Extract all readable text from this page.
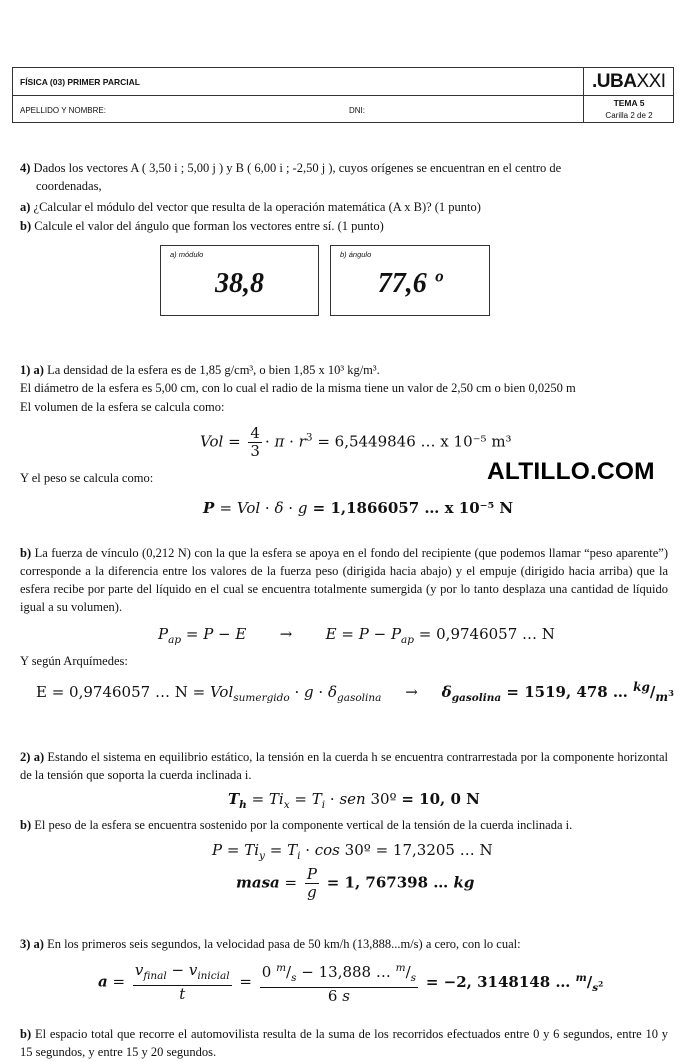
FÍSICA (03) PRIMER PARCIAL	.UBAXXI
APELLIDO Y NOMBRE:	DNI:
TEMA 5
Carilla 2 de 2

4) Dados los vectores A ( 3,50 i ; 5,00 j ) y B ( 6,00 i ; -2,50 j ), cuyos orígenes se encuentran en el centro de

coordenadas,

a) ¿Calcular el módulo del vector que resulta de la operación matemática (A x B)? (1 punto)

b) Calcule el valor del ángulo que forman los vectores entre sí. (1 punto)

a) módulo
38,8
b) ángulo
77,6 º

1) a) La densidad de la esfera es de 1,85 g/cm³, o bien 1,85 x 10³ kg/m³.

El diámetro de la esfera es 5,00 cm, con lo cual el radio de la misma tiene un valor de 2,50 cm o bien 0,0250 m

El volumen de la esfera se calcula como:

Vol = $\frac{4}{3} \cdot \pi \cdot r^3 = 6,5449846$ … x 10⁻⁵ m³

Y el peso se calcula como:	ALTILLO.COM
P = Vol · δ · g = 1,1866057 … x 10⁻⁵ N

b) La fuerza de vínculo (0,212 N) con la que la esfera se apoya en el fondo del recipiente (que podemos llamar “peso aparente”) corresponde a la diferencia entre los valores de la fuerza peso (dirigida hacia abajo) y el empuje (dirigido hacia arriba) que la esfera recibe por parte del líquido en el cual se encuentra totalmente sumergida (y por lo tanto desplaza una cantidad de líquido igual a su volumen).

$P_{ap} = P - E$       →       $E = P - P_{ap} = 0,9746057$ … N

Y según Arquímedes:

E = 0,9746057 … $N = Vol_{sumergido} \cdot g \cdot \delta_{gasolina}$     →     $\delta_{gasolina} = 1519$, 478 … $^{kg}/_{m^3}$

2) a) Estando el sistema en equilibrio estático, la tensión en la cuerda h se encuentra contrarrestada por la componente horizontal de la tensión que soporta la cuerda inclinada i.

$T_h = Ti_x = T_i$ · sen 30º = 10, 0 N

b) El peso de la esfera se encuentra sostenido por la componente vertical de la tensión de la cuerda inclinada i.

$P = Ti_y = T_i \cdot \cos$ 30º = 17,3205 … N
masa = $\frac{P}{g} = 1$, 767398 … kg

3) a) En los primeros seis segundos, la velocidad pasa de 50 km/h (13,888...m/s) a cero, con lo cual:

$a = \frac{v_{final} - v_{inicial}}{t} = \frac{0 ^m/_s - 13,888 \dots ^m/_s}{6 s} = -2$, 3148148 … $^m/_{s^2}$

b) El espacio total que recorre el automovilista resulta de la suma de los recorridos efectuados entre 0 y 6 segundos, entre 10 y 15 segundos, y entre 15 y 20 segundos.
